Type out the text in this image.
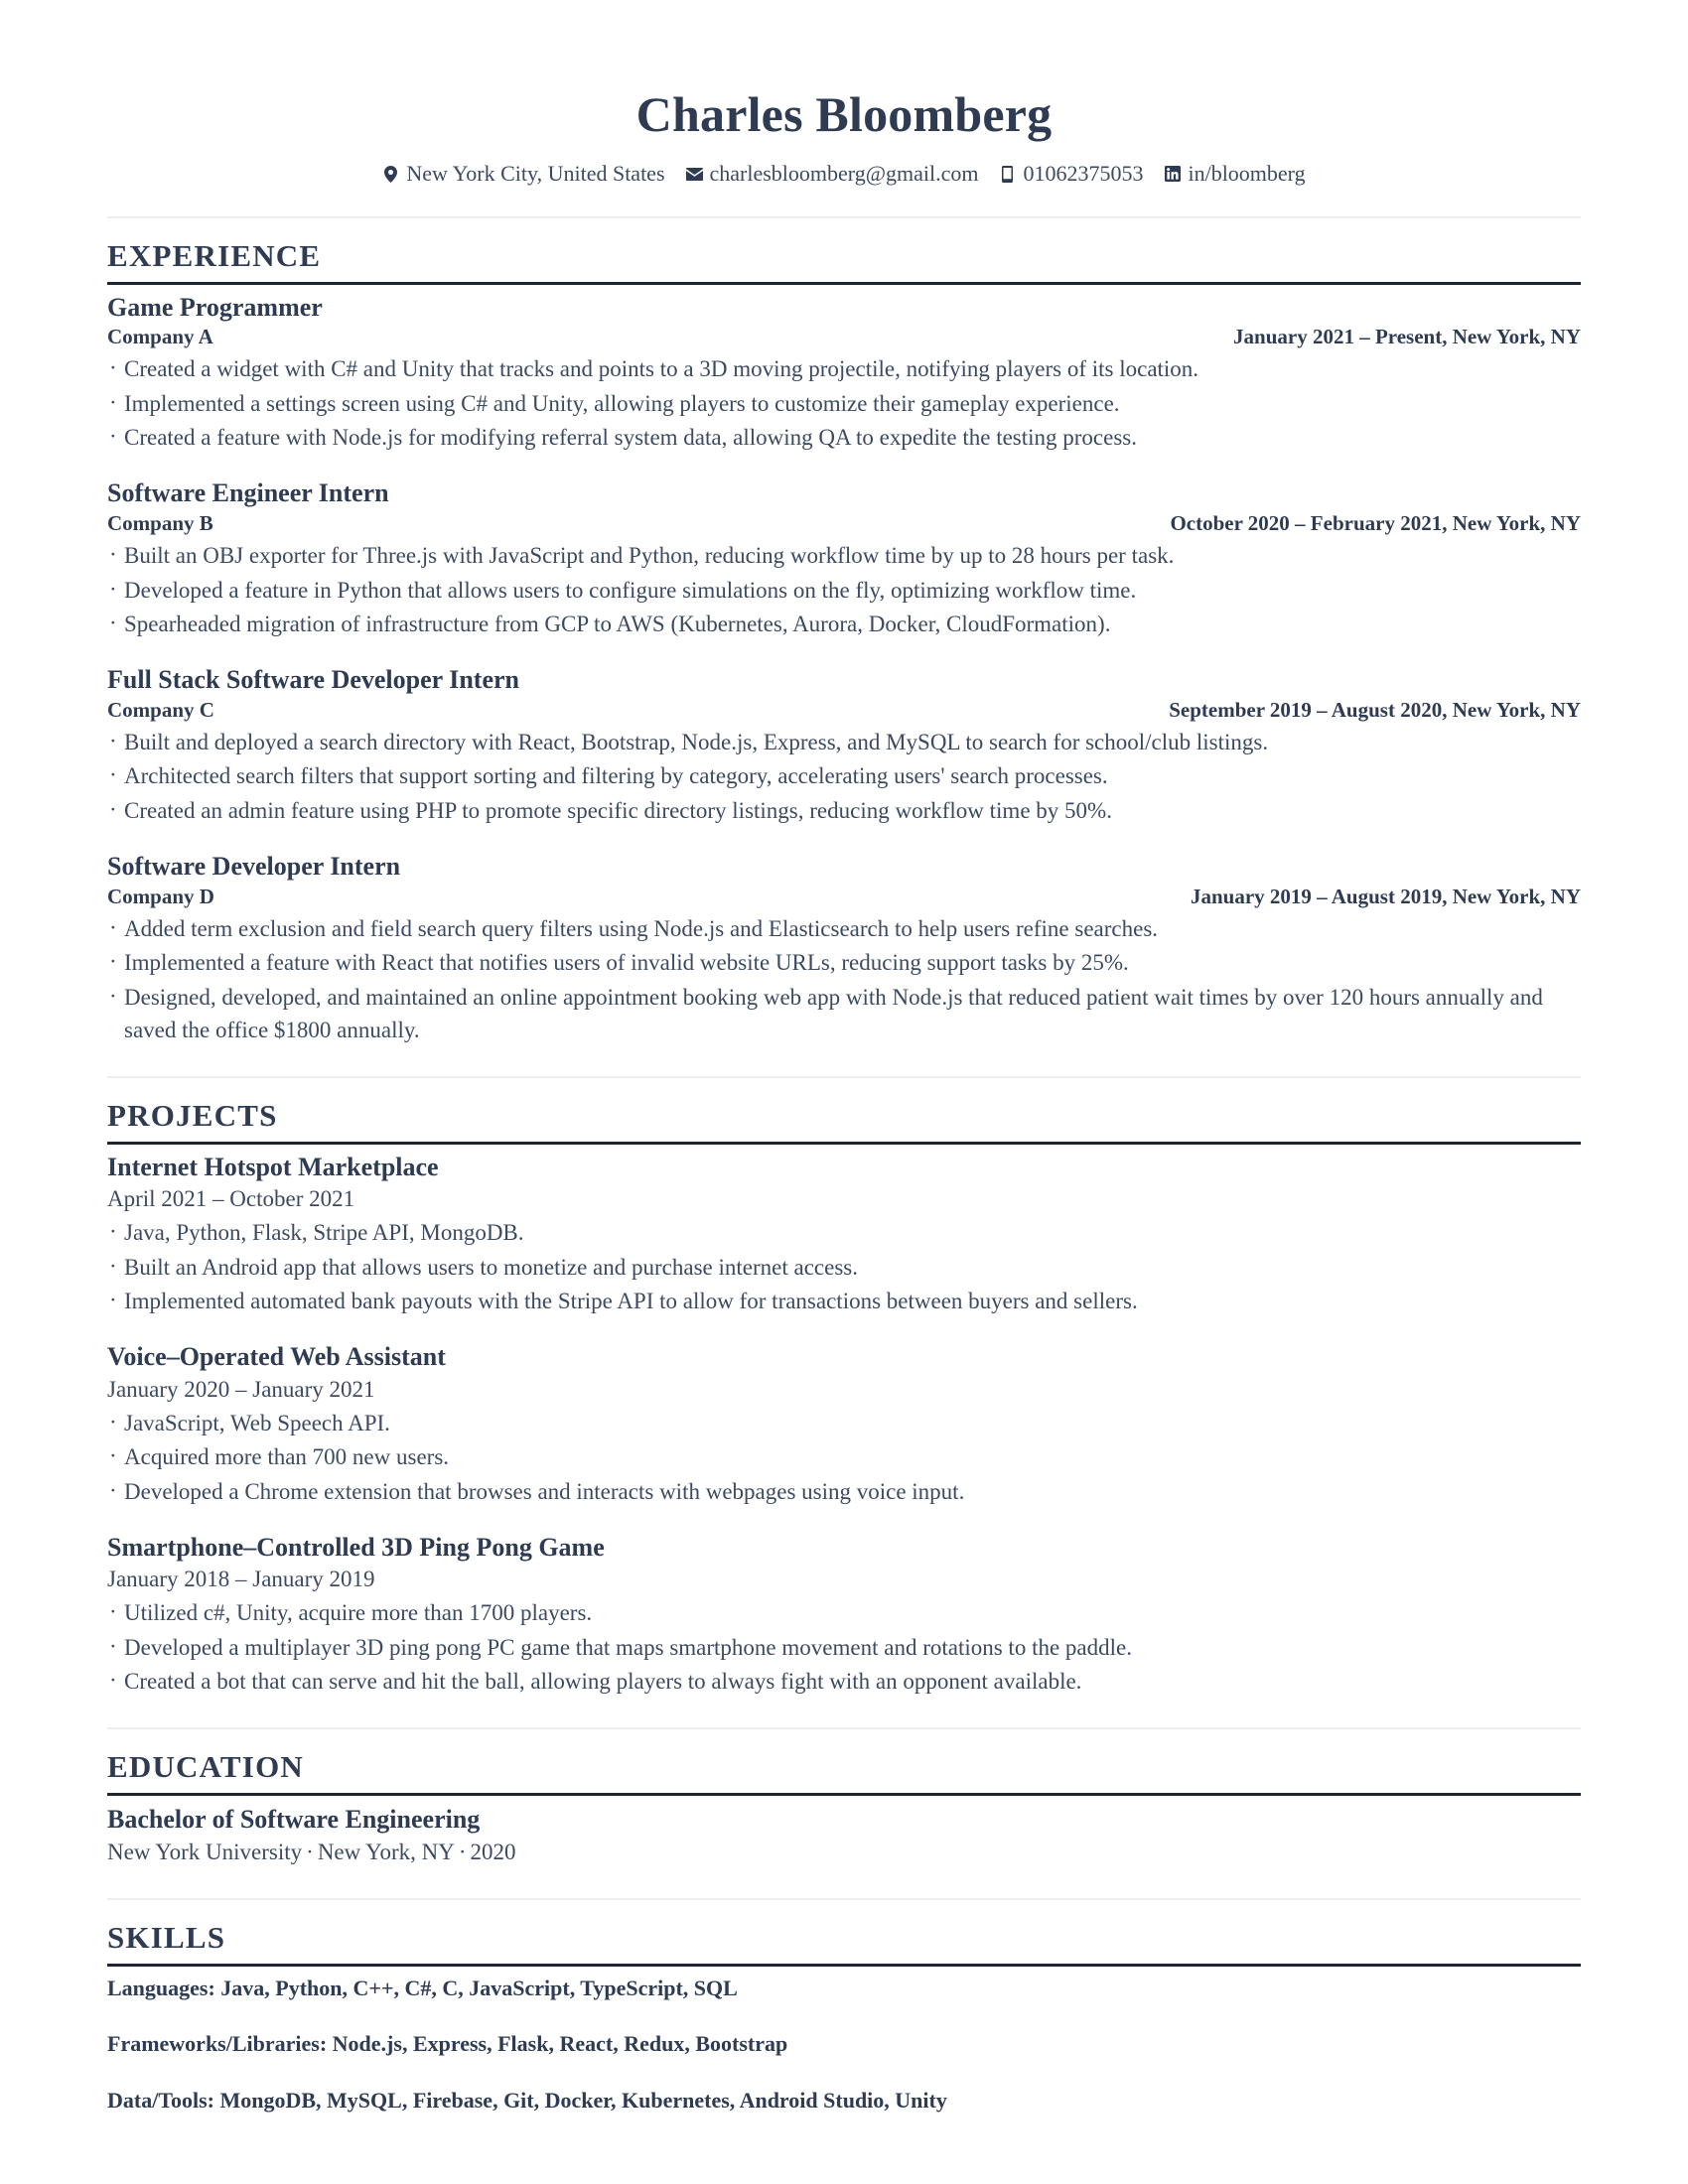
Charles Bloomberg
New York City, United States charlesbloomberg@gmail.com 01062375053 in/bloomberg
EXPERIENCE
Game Programmer
Company A	January 2021 – Present, New York, NY
· Created a widget with C# and Unity that tracks and points to a 3D moving projectile, notifying players of its location.
· Implemented a settings screen using C# and Unity, allowing players to customize their gameplay experience.
· Created a feature with Node.js for modifying referral system data, allowing QA to expedite the testing process.
Software Engineer Intern
Company B	October 2020 – February 2021, New York, NY
· Built an OBJ exporter for Three.js with JavaScript and Python, reducing workflow time by up to 28 hours per task.
· Developed a feature in Python that allows users to configure simulations on the fly, optimizing workflow time.
· Spearheaded migration of infrastructure from GCP to AWS (Kubernetes, Aurora, Docker, CloudFormation).
Full Stack Software Developer Intern
Company C	September 2019 – August 2020, New York, NY
· Built and deployed a search directory with React, Bootstrap, Node.js, Express, and MySQL to search for school/club listings.
· Architected search filters that support sorting and filtering by category, accelerating users' search processes.
· Created an admin feature using PHP to promote specific directory listings, reducing workflow time by 50%.
Software Developer Intern
Company D	January 2019 – August 2019, New York, NY
· Added term exclusion and field search query filters using Node.js and Elasticsearch to help users refine searches.
· Implemented a feature with React that notifies users of invalid website URLs, reducing support tasks by 25%.
· Designed, developed, and maintained an online appointment booking web app with Node.js that reduced patient wait times by over 120 hours annually and saved the office $1800 annually.
PROJECTS
Internet Hotspot Marketplace
April 2021 – October 2021
· Java, Python, Flask, Stripe API, MongoDB.
· Built an Android app that allows users to monetize and purchase internet access.
· Implemented automated bank payouts with the Stripe API to allow for transactions between buyers and sellers.
Voice–Operated Web Assistant
January 2020 – January 2021
· JavaScript, Web Speech API.
· Acquired more than 700 new users.
· Developed a Chrome extension that browses and interacts with webpages using voice input.
Smartphone–Controlled 3D Ping Pong Game
January 2018 – January 2019
· Utilized c#, Unity, acquire more than 1700 players.
· Developed a multiplayer 3D ping pong PC game that maps smartphone movement and rotations to the paddle.
· Created a bot that can serve and hit the ball, allowing players to always fight with an opponent available.
EDUCATION
Bachelor of Software Engineering
New York University · New York, NY · 2020
SKILLS
Languages: Java, Python, C++, C#, C, JavaScript, TypeScript, SQL
Frameworks/Libraries: Node.js, Express, Flask, React, Redux, Bootstrap
Data/Tools: MongoDB, MySQL, Firebase, Git, Docker, Kubernetes, Android Studio, Unity
